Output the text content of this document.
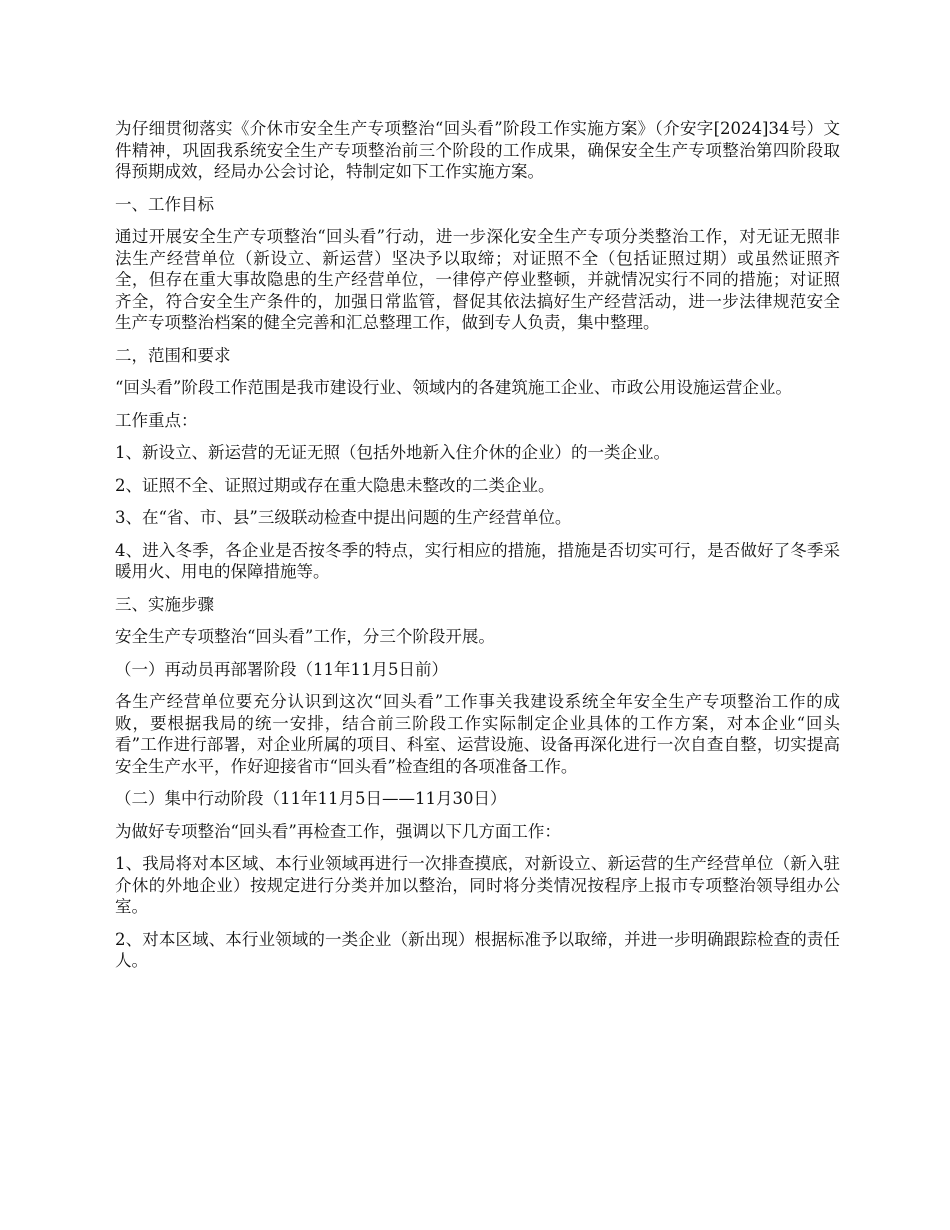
为仔细贯彻落实《介休市安全生产专项整治“回头看”阶段工作实施方案》（介安字[2024]34号）文件精神，巩固我系统安全生产专项整治前三个阶段的工作成果，确保安全生产专项整治第四阶段取得预期成效，经局办公会讨论，特制定如下工作实施方案。

一、工作目标

通过开展安全生产专项整治“回头看”行动，进一步深化安全生产专项分类整治工作，对无证无照非法生产经营单位（新设立、新运营）坚决予以取缔；对证照不全（包括证照过期）或虽然证照齐全，但存在重大事故隐患的生产经营单位，一律停产停业整顿，并就情况实行不同的措施；对证照齐全，符合安全生产条件的，加强日常监管，督促其依法搞好生产经营活动，进一步法律规范安全生产专项整治档案的健全完善和汇总整理工作，做到专人负责，集中整理。

二，范围和要求

“回头看”阶段工作范围是我市建设行业、领域内的各建筑施工企业、市政公用设施运营企业。

工作重点：

1、新设立、新运营的无证无照（包括外地新入住介休的企业）的一类企业。

2、证照不全、证照过期或存在重大隐患未整改的二类企业。

3、在“省、市、县”三级联动检查中提出问题的生产经营单位。

4、进入冬季，各企业是否按冬季的特点，实行相应的措施，措施是否切实可行，是否做好了冬季采暖用火、用电的保障措施等。

三、实施步骤

安全生产专项整治“回头看”工作，分三个阶段开展。

（一）再动员再部署阶段（11年11月5日前）

各生产经营单位要充分认识到这次“回头看”工作事关我建设系统全年安全生产专项整治工作的成败，要根据我局的统一安排，结合前三阶段工作实际制定企业具体的工作方案，对本企业“回头看”工作进行部署，对企业所属的项目、科室、运营设施、设备再深化进行一次自查自整，切实提高安全生产水平，作好迎接省市“回头看”检查组的各项准备工作。

（二）集中行动阶段（11年11月5日——11月30日）

为做好专项整治“回头看”再检查工作，强调以下几方面工作：

1、我局将对本区域、本行业领域再进行一次排查摸底，对新设立、新运营的生产经营单位（新入驻介休的外地企业）按规定进行分类并加以整治，同时将分类情况按程序上报市专项整治领导组办公室。

2、对本区域、本行业领域的一类企业（新出现）根据标准予以取缔，并进一步明确跟踪检查的责任人。
